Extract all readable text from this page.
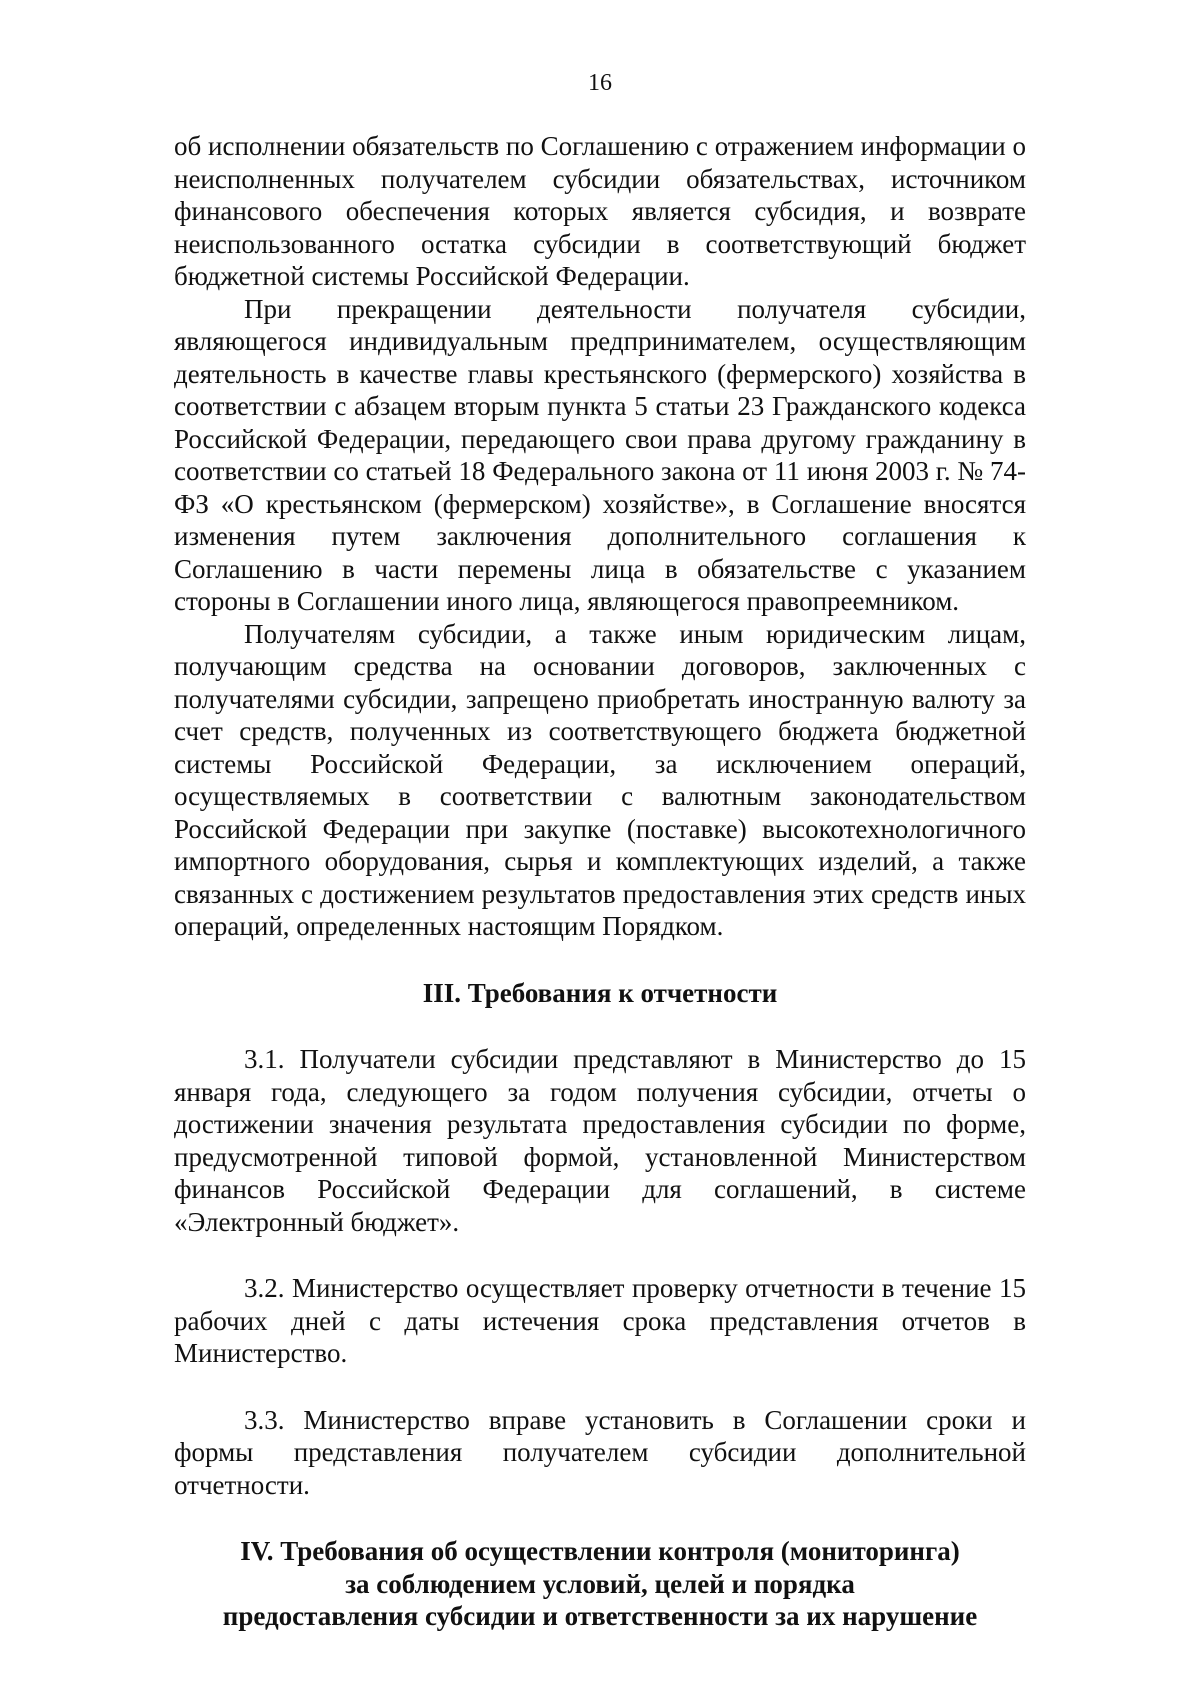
16

об исполнении обязательств по Соглашению с отражением информации о неисполненных получателем субсидии обязательствах, источником финансового обеспечения которых является субсидия, и возврате неиспользованного остатка субсидии в соответствующий бюджет бюджетной системы Российской Федерации.

При прекращении деятельности получателя субсидии, являющегося индивидуальным предпринимателем, осуществляющим деятельность в качестве главы крестьянского (фермерского) хозяйства в соответствии с абзацем вторым пункта 5 статьи 23 Гражданского кодекса Российской Федерации, передающего свои права другому гражданину в соответствии со статьей 18 Федерального закона от 11 июня 2003 г. № 74-ФЗ «О крестьянском (фермерском) хозяйстве», в Соглашение вносятся изменения путем заключения дополнительного соглашения к Соглашению в части перемены лица в обязательстве с указанием стороны в Соглашении иного лица, являющегося правопреемником.

Получателям субсидии, а также иным юридическим лицам, получающим средства на основании договоров, заключенных с получателями субсидии, запрещено приобретать иностранную валюту за счет средств, полученных из соответствующего бюджета бюджетной системы Российской Федерации, за исключением операций, осуществляемых в соответствии с валютным законодательством Российской Федерации при закупке (поставке) высокотехнологичного импортного оборудования, сырья и комплектующих изделий, а также связанных с достижением результатов предоставления этих средств иных операций, определенных настоящим Порядком.

III. Требования к отчетности

3.1. Получатели субсидии представляют в Министерство до 15 января года, следующего за годом получения субсидии, отчеты о достижении значения результата предоставления субсидии по форме, предусмотренной типовой формой, установленной Министерством финансов Российской Федерации для соглашений, в системе «Электронный бюджет».

3.2. Министерство осуществляет проверку отчетности в течение 15 рабочих дней с даты истечения срока представления отчетов в Министерство.

3.3. Министерство вправе установить в Соглашении сроки и формы представления получателем субсидии дополнительной отчетности.

IV. Требования об осуществлении контроля (мониторинга)
за соблюдением условий, целей и порядка
предоставления субсидии и ответственности за их нарушение
